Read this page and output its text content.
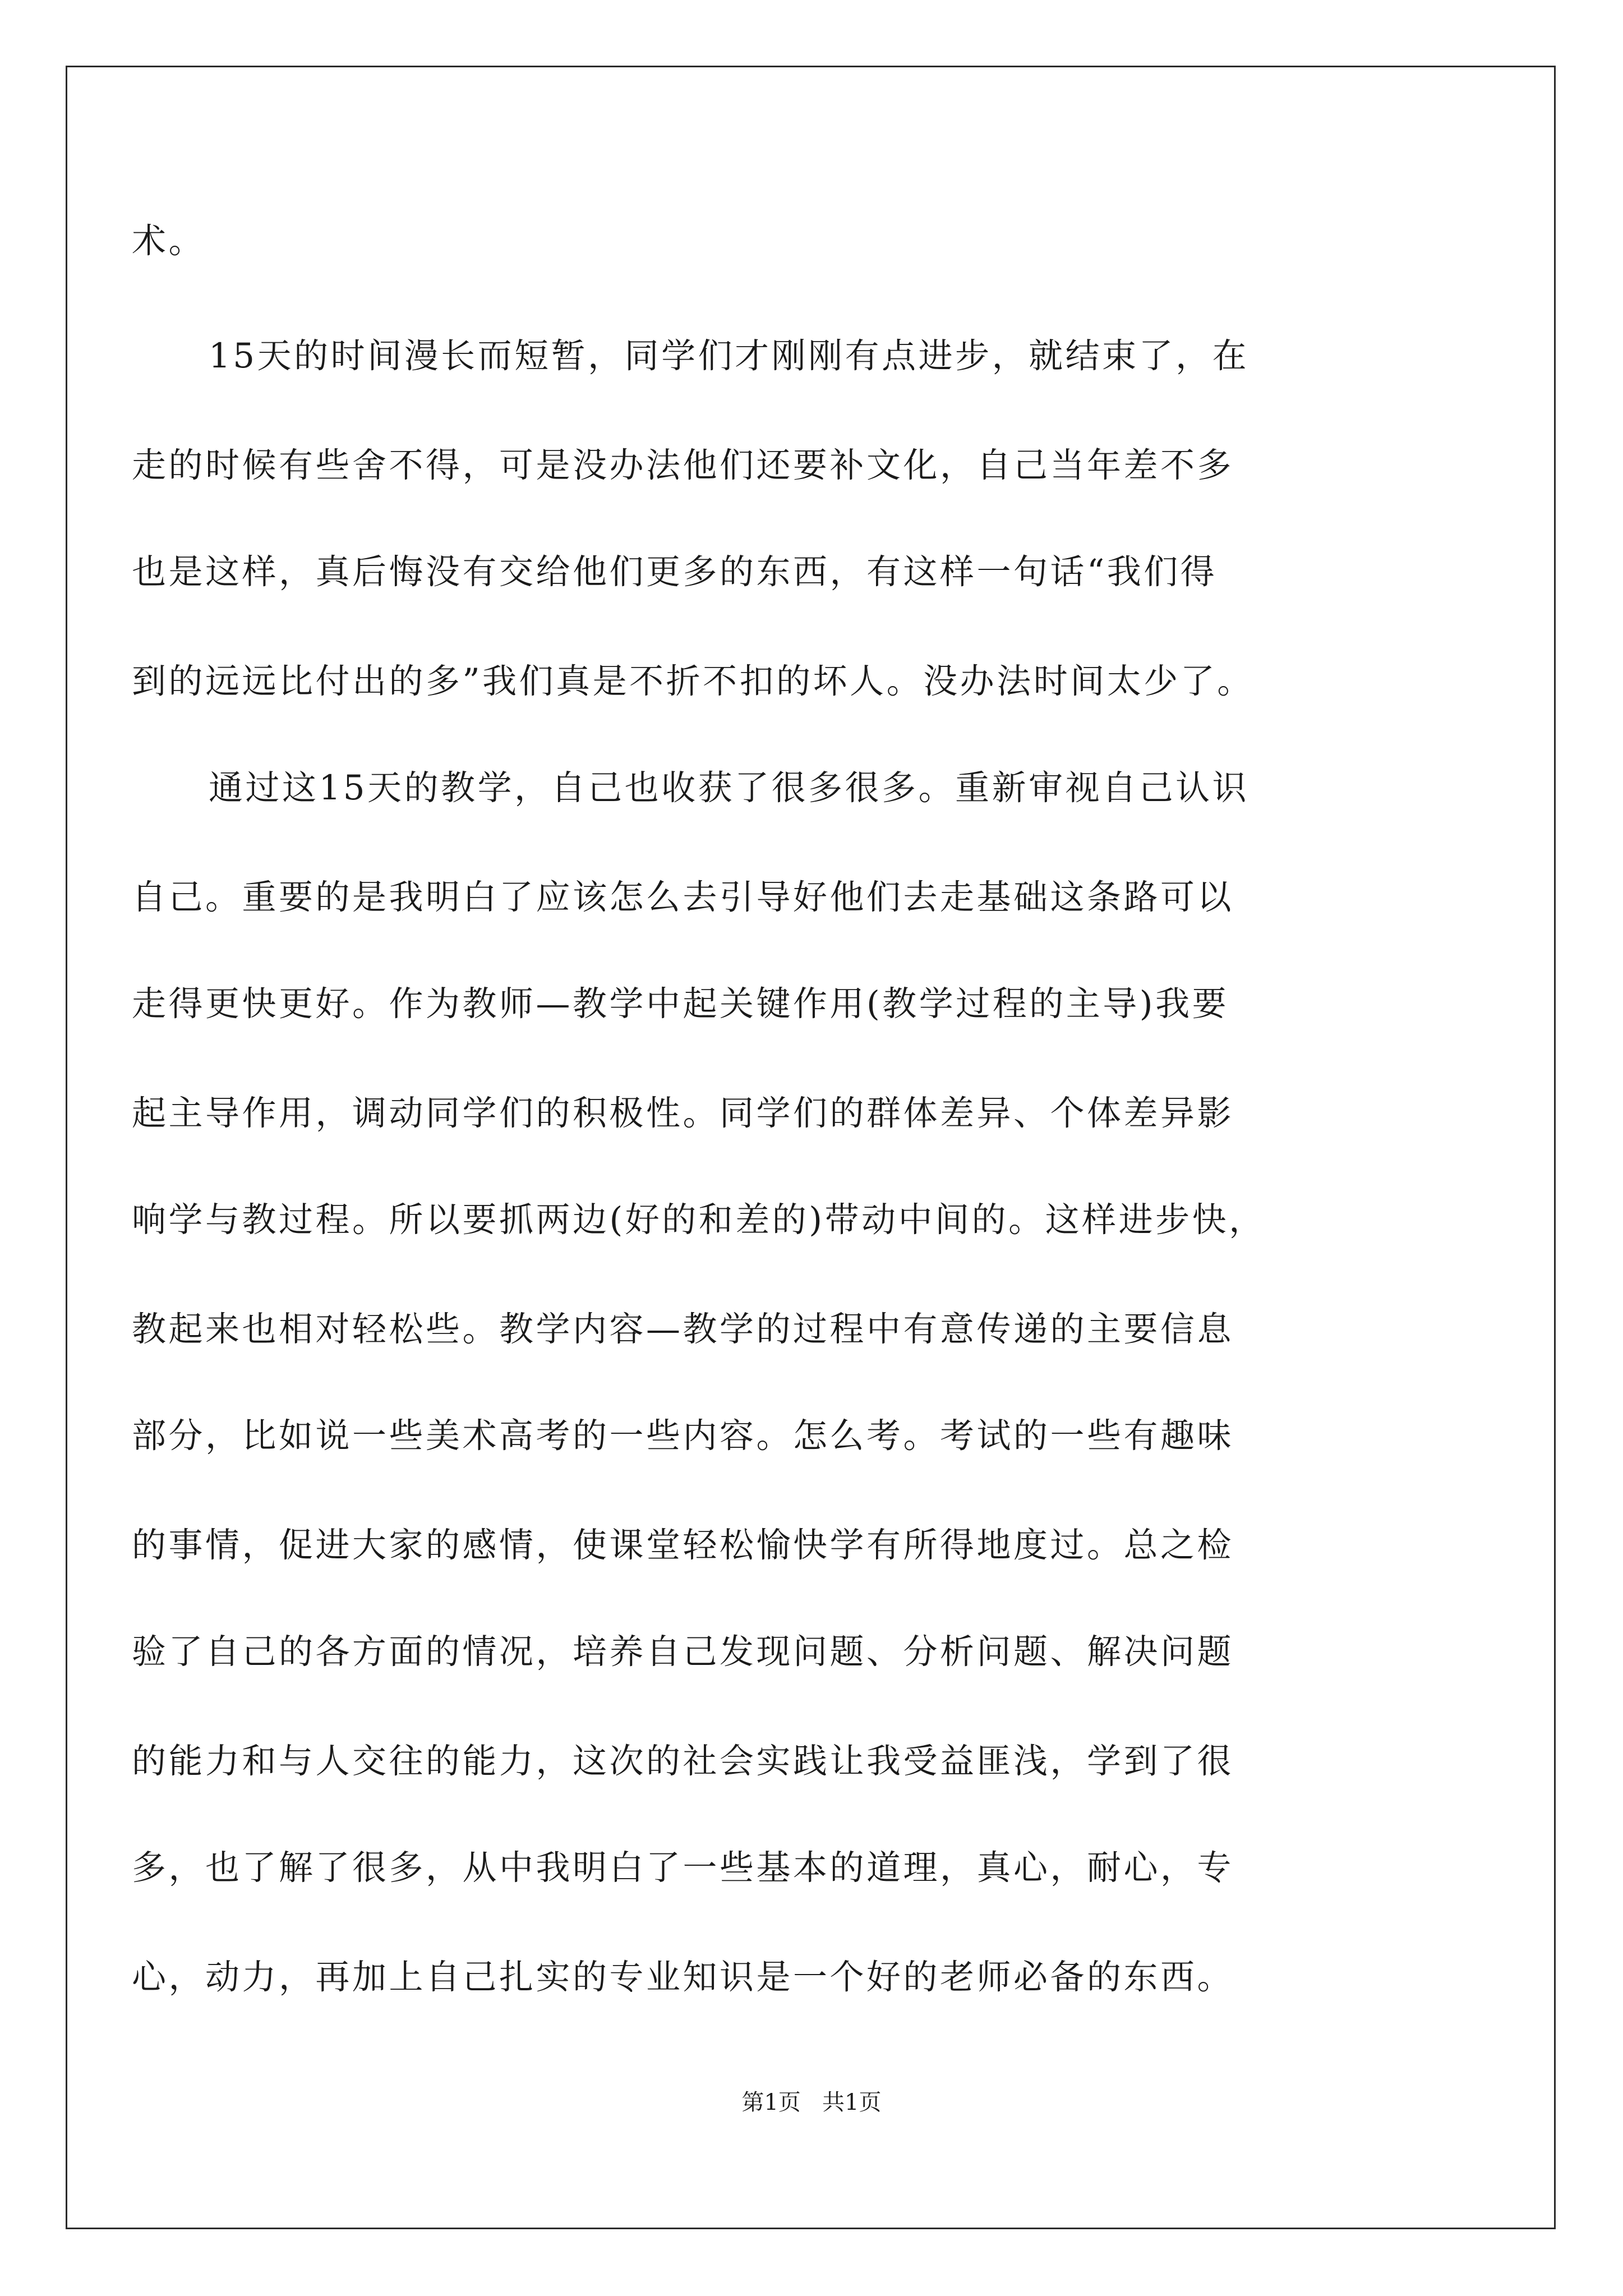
术。
15天的时间漫长而短暂，同学们才刚刚有点进步，就结束了，在
走的时候有些舍不得，可是没办法他们还要补文化，自己当年差不多
也是这样，真后悔没有交给他们更多的东西，有这样一句话“我们得
到的远远比付出的多”我们真是不折不扣的坏人。没办法时间太少了。
通过这15天的教学，自己也收获了很多很多。重新审视自己认识
自己。重要的是我明白了应该怎么去引导好他们去走基础这条路可以
走得更快更好。作为教师—教学中起关键作用(教学过程的主导)我要
起主导作用，调动同学们的积极性。同学们的群体差异、个体差异影
响学与教过程。所以要抓两边(好的和差的)带动中间的。这样进步快，
教起来也相对轻松些。教学内容—教学的过程中有意传递的主要信息
部分，比如说一些美术高考的一些内容。怎么考。考试的一些有趣味
的事情，促进大家的感情，使课堂轻松愉快学有所得地度过。总之检
验了自己的各方面的情况，培养自己发现问题、分析问题、解决问题
的能力和与人交往的能力，这次的社会实践让我受益匪浅，学到了很
多，也了解了很多，从中我明白了一些基本的道理，真心，耐心，专
心，动力，再加上自己扎实的专业知识是一个好的老师必备的东西。
第1页   共1页
